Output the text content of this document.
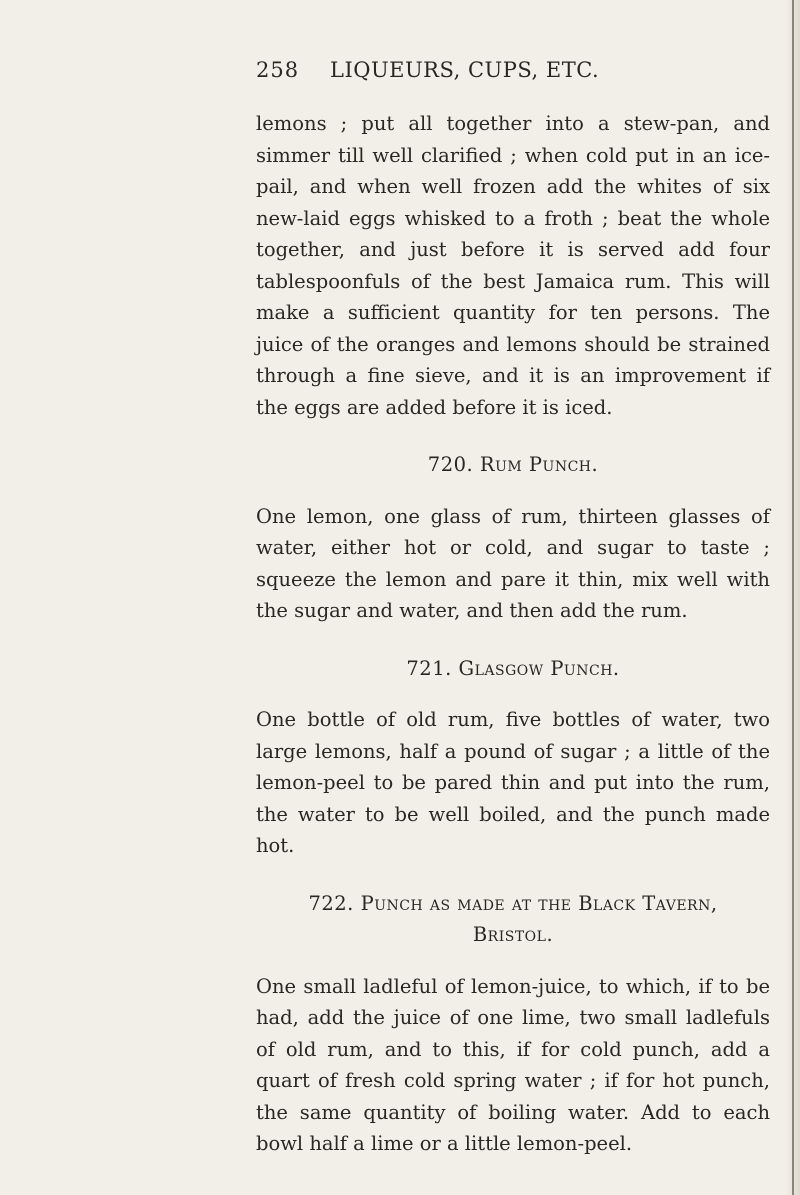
258 LIQUEURS, CUPS, ETC.

lemons ; put all together into a stew-pan, and simmer till well clarified ; when cold put in an ice-pail, and when well frozen add the whites of six new-laid eggs whisked to a froth ; beat the whole together, and just before it is served add four tablespoonfuls of the best Jamaica rum. This will make a sufficient quantity for ten persons. The juice of the oranges and lemons should be strained through a fine sieve, and it is an improvement if the eggs are added before it is iced.

720. Rum Punch.

One lemon, one glass of rum, thirteen glasses of water, either hot or cold, and sugar to taste ; squeeze the lemon and pare it thin, mix well with the sugar and water, and then add the rum.

721. Glasgow Punch.

One bottle of old rum, five bottles of water, two large lemons, half a pound of sugar ; a little of the lemon-peel to be pared thin and put into the rum, the water to be well boiled, and the punch made hot.

722. Punch as made at the Black Tavern,
Bristol.

One small ladleful of lemon-juice, to which, if to be had, add the juice of one lime, two small ladlefuls of old rum, and to this, if for cold punch, add a quart of fresh cold spring water ; if for hot punch, the same quantity of boiling water. Add to each bowl half a lime or a little lemon-peel.
